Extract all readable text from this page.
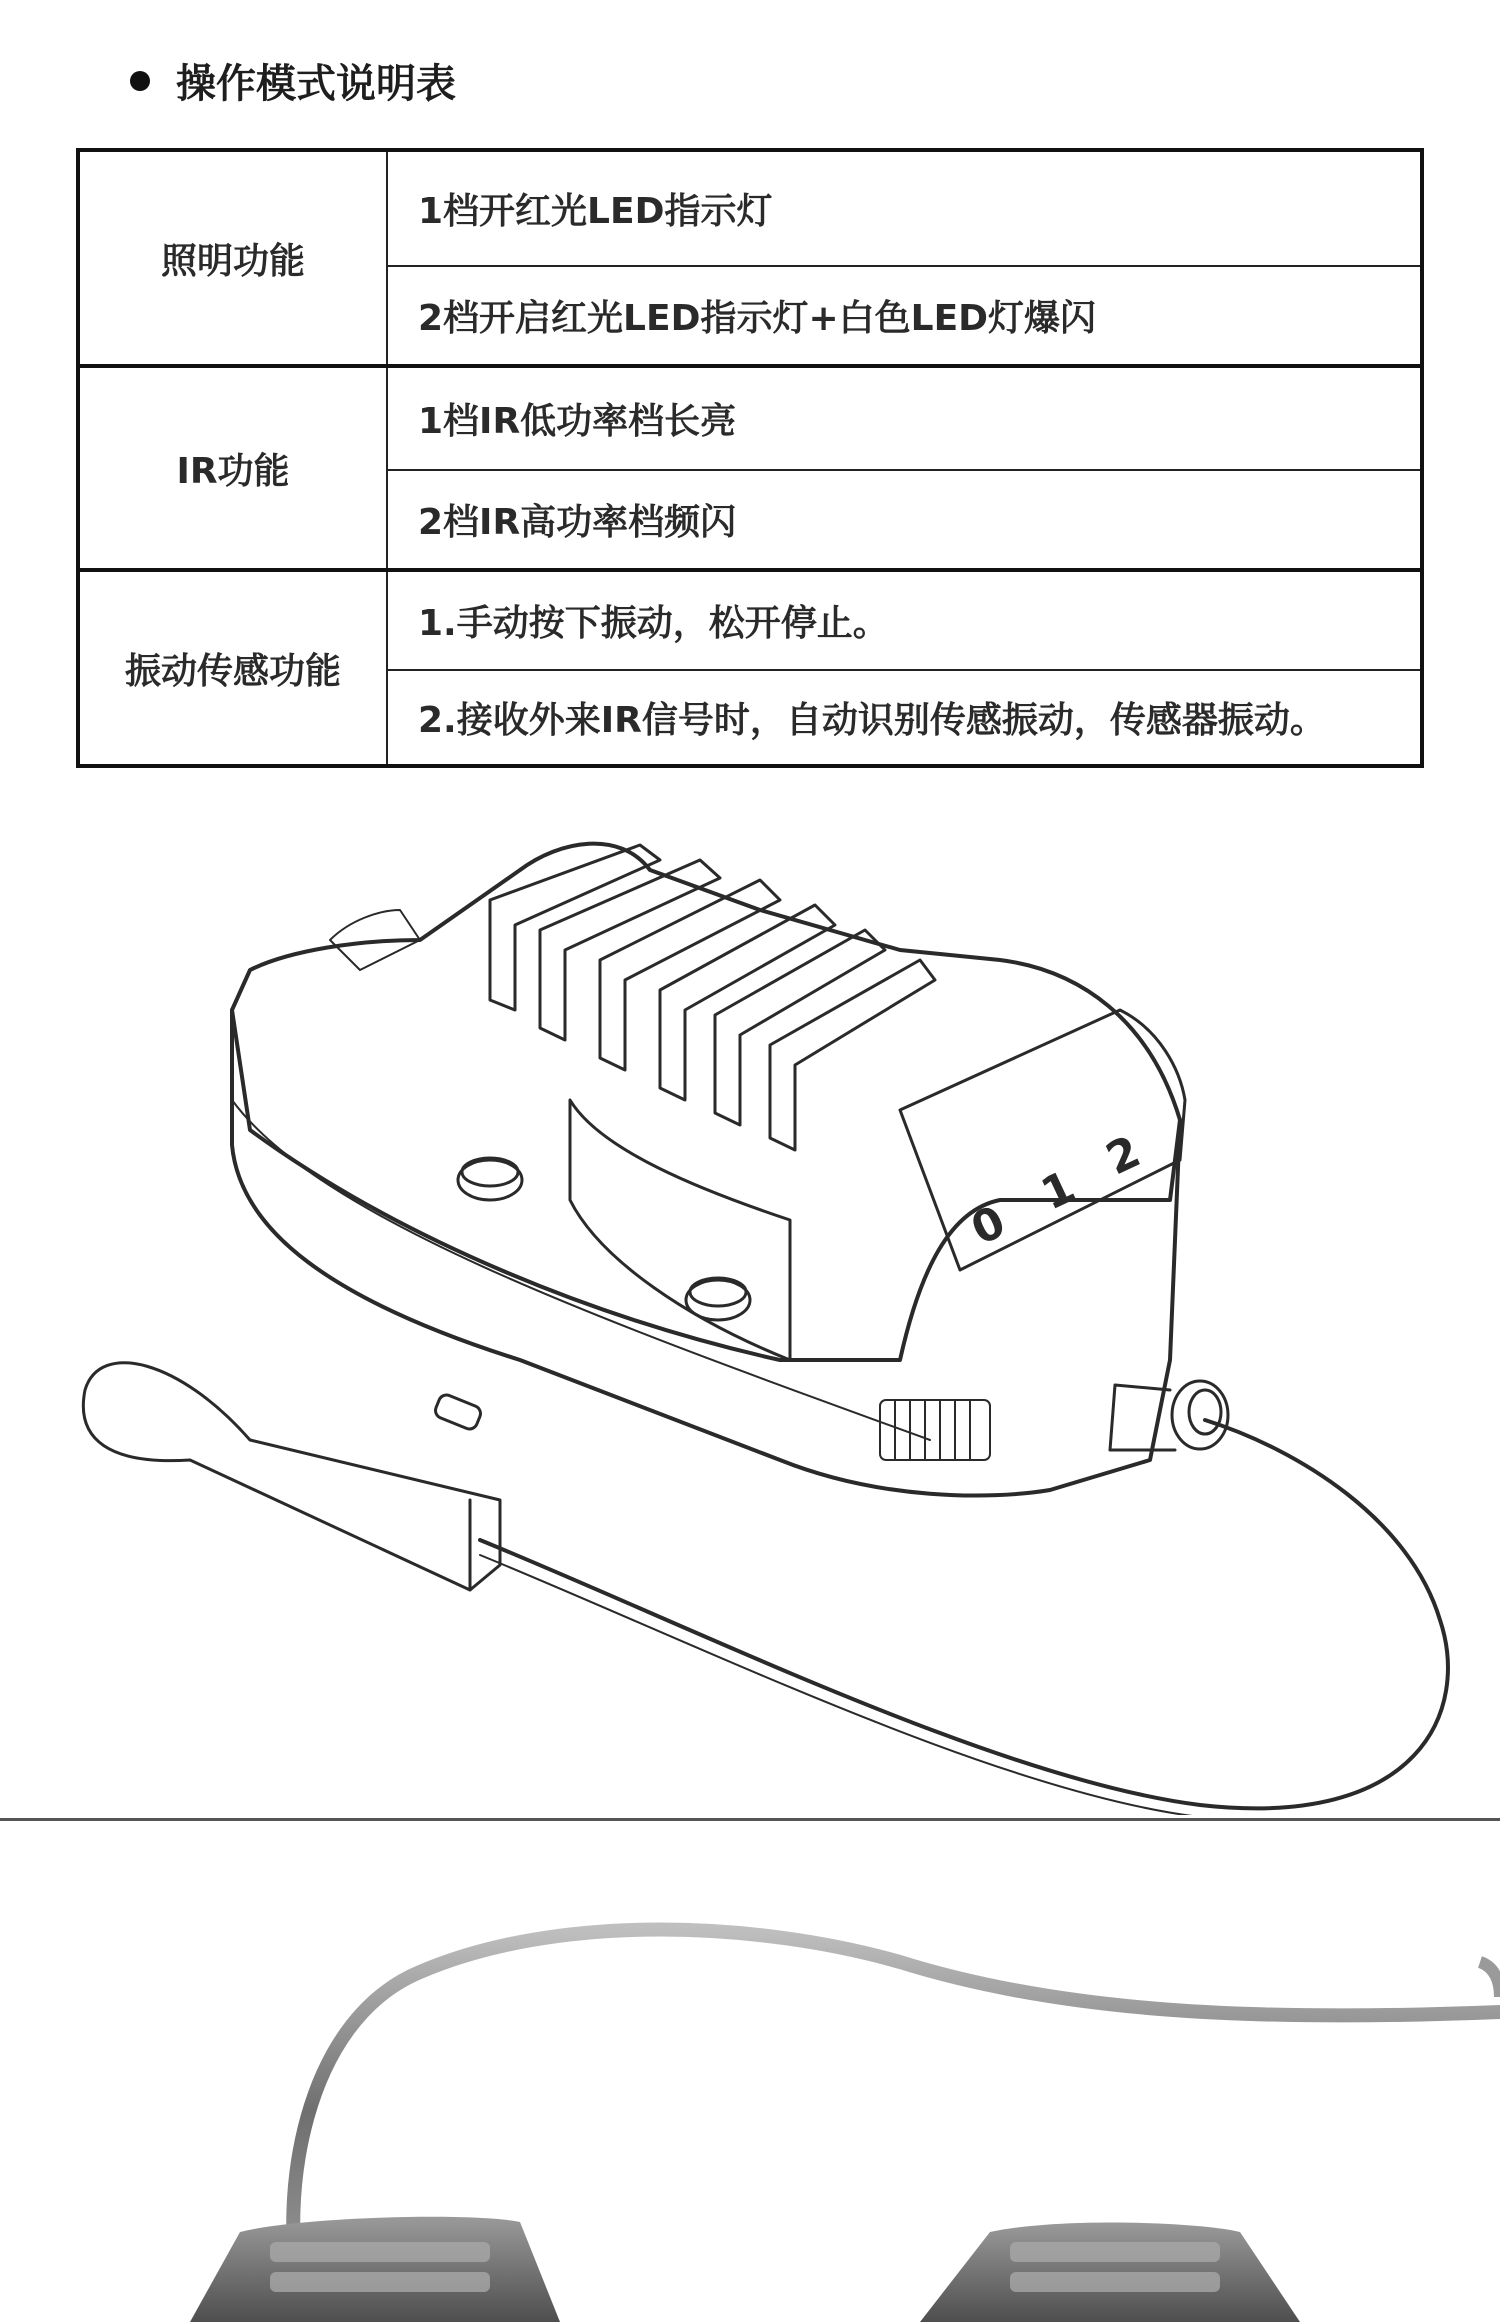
操作模式说明表
照明功能	1档开红光LED指示灯
	2档开启红光LED指示灯+白色LED灯爆闪
IR功能	1档IR低功率档长亮
	2档IR高功率档频闪
振动传感功能	1.手动按下振动，松开停止。
	2.接收外来IR信号时，自动识别传感振动，传感器振动。
0
1
2
